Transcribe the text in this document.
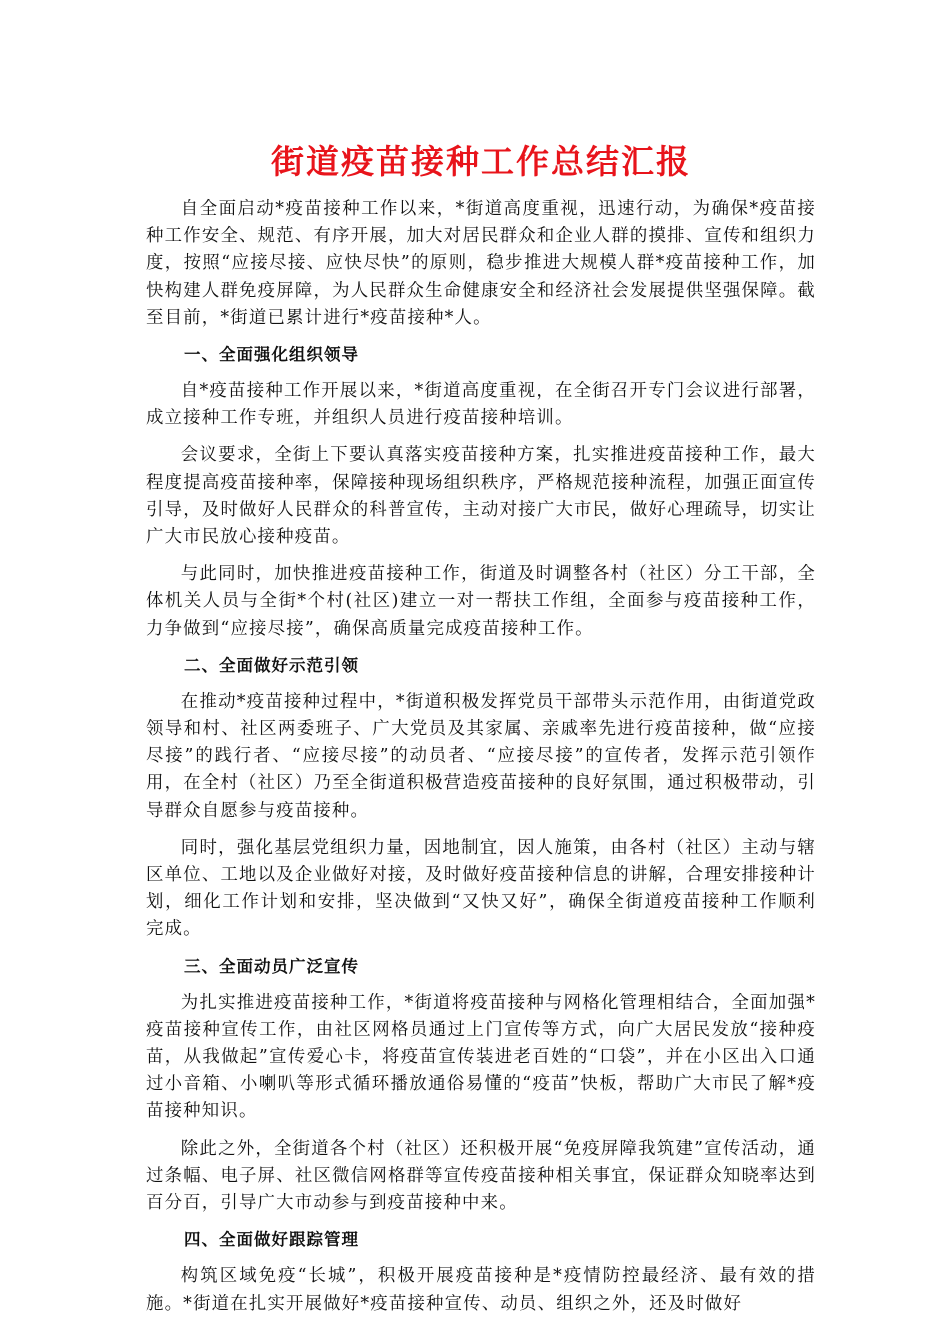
街道疫苗接种工作总结汇报

自全面启动*疫苗接种工作以来，*街道高度重视，迅速行动，为确保*疫苗接种工作安全、规范、有序开展，加大对居民群众和企业人群的摸排、宣传和组织力度，按照“应接尽接、应快尽快”的原则，稳步推进大规模人群*疫苗接种工作，加快构建人群免疫屏障，为人民群众生命健康安全和经济社会发展提供坚强保障。截至目前，*街道已累计进行*疫苗接种*人。

一、全面强化组织领导

自*疫苗接种工作开展以来，*街道高度重视，在全街召开专门会议进行部署，成立接种工作专班，并组织人员进行疫苗接种培训。

会议要求，全街上下要认真落实疫苗接种方案，扎实推进疫苗接种工作，最大程度提高疫苗接种率，保障接种现场组织秩序，严格规范接种流程，加强正面宣传引导，及时做好人民群众的科普宣传，主动对接广大市民，做好心理疏导，切实让广大市民放心接种疫苗。

与此同时，加快推进疫苗接种工作，街道及时调整各村（社区）分工干部，全体机关人员与全街*个村(社区)建立一对一帮扶工作组，全面参与疫苗接种工作，力争做到“应接尽接”，确保高质量完成疫苗接种工作。

二、全面做好示范引领

在推动*疫苗接种过程中，*街道积极发挥党员干部带头示范作用，由街道党政领导和村、社区两委班子、广大党员及其家属、亲戚率先进行疫苗接种，做“应接尽接”的践行者、“应接尽接”的动员者、“应接尽接”的宣传者，发挥示范引领作用，在全村（社区）乃至全街道积极营造疫苗接种的良好氛围，通过积极带动，引导群众自愿参与疫苗接种。

同时，强化基层党组织力量，因地制宜，因人施策，由各村（社区）主动与辖区单位、工地以及企业做好对接，及时做好疫苗接种信息的讲解，合理安排接种计划，细化工作计划和安排，坚决做到“又快又好”，确保全街道疫苗接种工作顺利完成。

三、全面动员广泛宣传

为扎实推进疫苗接种工作，*街道将疫苗接种与网格化管理相结合，全面加强*疫苗接种宣传工作，由社区网格员通过上门宣传等方式，向广大居民发放“接种疫苗，从我做起”宣传爱心卡，将疫苗宣传装进老百姓的“口袋”，并在小区出入口通过小音箱、小喇叭等形式循环播放通俗易懂的“疫苗”快板，帮助广大市民了解*疫苗接种知识。

除此之外，全街道各个村（社区）还积极开展“免疫屏障我筑建”宣传活动，通过条幅、电子屏、社区微信网格群等宣传疫苗接种相关事宜，保证群众知晓率达到百分百，引导广大市动参与到疫苗接种中来。

四、全面做好跟踪管理

构筑区域免疫“长城”，积极开展疫苗接种是*疫情防控最经济、最有效的措施。*街道在扎实开展做好*疫苗接种宣传、动员、组织之外，还及时做好
